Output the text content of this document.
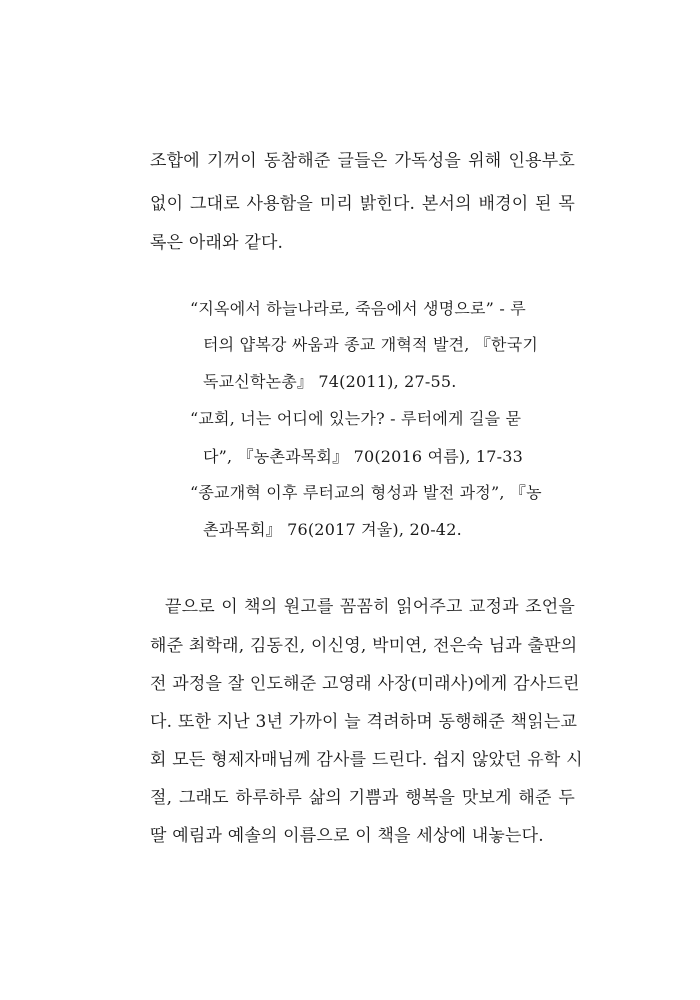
조합에 기꺼이 동참해준 글들은 가독성을 위해 인용부호
없이 그대로 사용함을 미리 밝힌다. 본서의 배경이 된 목
록은 아래와 같다.
“지옥에서 하늘나라로, 죽음에서 생명으로” - 루
터의 얍복강 싸움과 종교 개혁적 발견, 『한국기
독교신학논총』 74(2011), 27-55.
“교회, 너는 어디에 있는가? - 루터에게 길을 묻
다”, 『농촌과목회』 70(2016 여름), 17-33
“종교개혁 이후 루터교의 형성과 발전 과정”, 『농
촌과목회』 76(2017 겨울), 20-42.
끝으로 이 책의 원고를 꼼꼼히 읽어주고 교정과 조언을
해준 최학래, 김동진, 이신영, 박미연, 전은숙 님과 출판의
전 과정을 잘 인도해준 고영래 사장(미래사)에게 감사드린
다. 또한 지난 3년 가까이 늘 격려하며 동행해준 책읽는교
회 모든 형제자매님께 감사를 드린다. 쉽지 않았던 유학 시
절, 그래도 하루하루 삶의 기쁨과 행복을 맛보게 해준 두
딸 예림과 예솔의 이름으로 이 책을 세상에 내놓는다.
